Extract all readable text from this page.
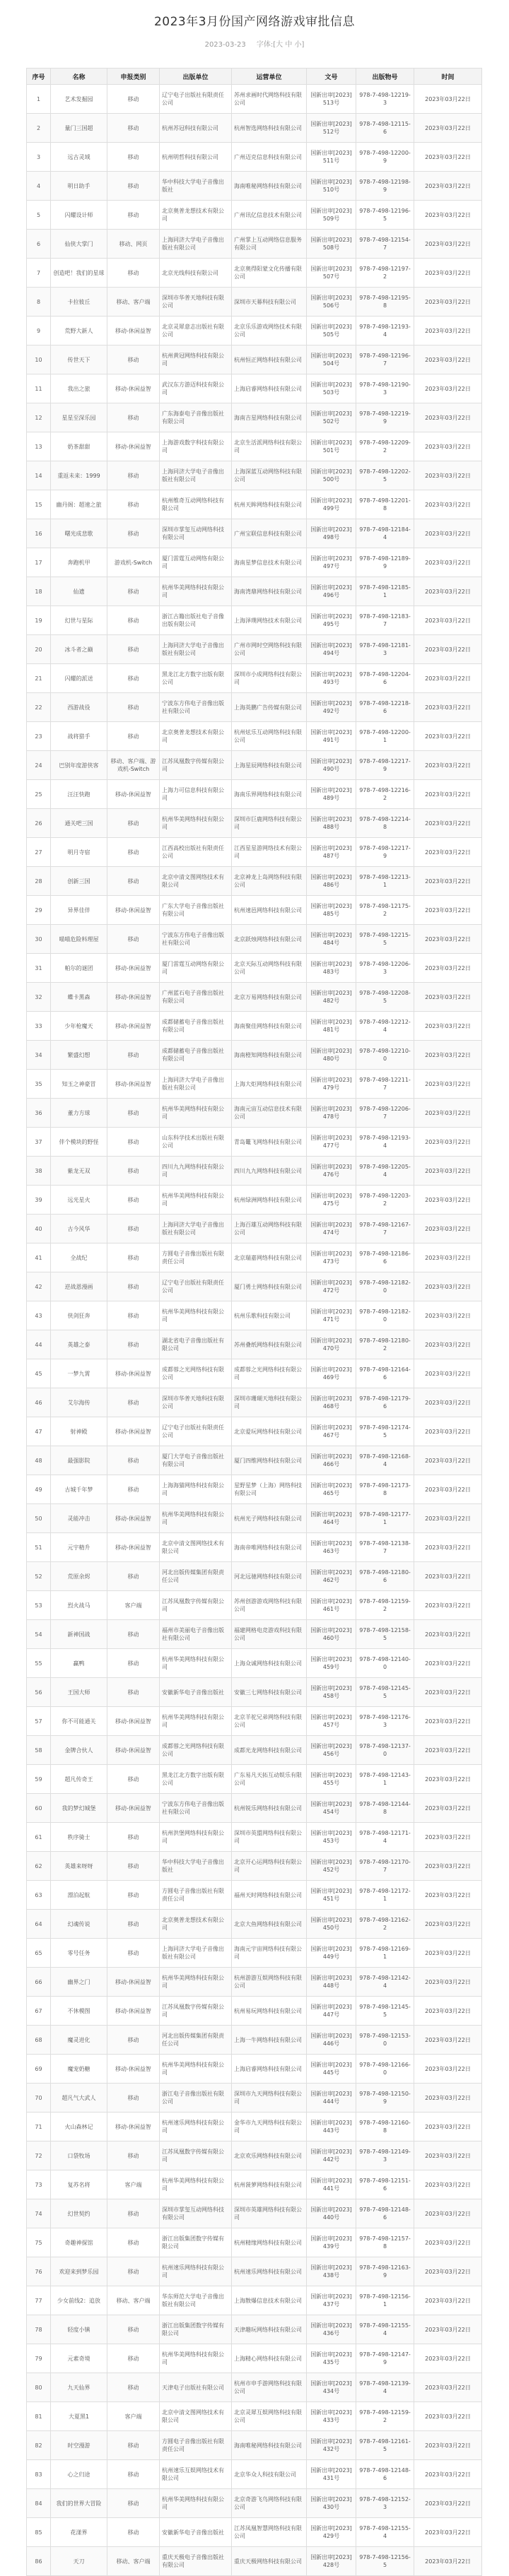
2023年3月份国产网络游戏审批信息
2023-03-23 字体:[大 中 小]
序号	名称	申报类别	出版单位	运营单位	文号	出版物号	时间
1	艺术发掘园	移动	辽宁电子出版社有限责任公司	苏州求画时代网络科技有限公司	国新出审[2023]513号	978-7-498-12219-3	2023年03月22日
2	量门三国超	移动	杭州苏冠科技有限公司	杭州智选网络科技有限公司	国新出审[2023]512号	978-7-498-12115-6	2023年03月22日
3	远古灵域	移动	杭州明哲科技有限公司	广州迈克信息科技有限公司	国新出审[2023]511号	978-7-498-12200-9	2023年03月22日
4	明日助手	移动	华中科技大学电子音像出版社	海南唯秘网络科技有限公司	国新出审[2023]510号	978-7-498-12198-9	2023年03月22日
5	闪耀设计师	移动	北京奥普龙想技术有限公司	广州讯亿信息技术有限公司	国新出审[2023]509号	978-7-498-12196-5	2023年03月22日
6	仙侠大掌门	移动、网页	上海同济大学电子音像出版社有限公司	广州掌上互动网络信息服务有限公司	国新出审[2023]508号	978-7-498-12154-7	2023年03月22日
7	创造吧！我们的星球	移动	北京光线科技有限公司	北京奥得阳蒙文化传播有限公司	国新出审[2023]507号	978-7-498-12197-2	2023年03月22日
8	卡拉彼丘	移动、客户端	深圳市华普天地科技有限公司	深圳市天幕科技有限公司	国新出审[2023]506号	978-7-498-12195-8	2023年03月22日
9	荒野大新人	移动-休闲益智	北京灵犀意志出版社有限公司	北京乐乐游戏网络技术有限公司	国新出审[2023]505号	978-7-498-12193-4	2023年03月22日
10	传世天下	移动	杭州黄冠网络科技有限公司	杭州恒正网络科技有限公司	国新出审[2023]504号	978-7-498-12196-7	2023年03月22日
11	我出之旅	移动-休闲益智	武汉东方游迈科技有限公司	上海启睿网络科技有限公司	国新出审[2023]503号	978-7-498-12190-3	2023年03月22日
12	星星至深乐园	移动	广东海泰电子音像出版社有限公司	海南吉星网络科技有限公司	国新出审[2023]502号	978-7-498-12219-9	2023年03月22日
13	奶茶甜甜	移动-休闲益智	上海游戏数字科技有限公司	北京生活派网络科技有限公司	国新出审[2023]501号	978-7-498-12209-2	2023年03月22日
14	重返未来：1999	移动	上海同济大学电子音像出版社有限公司	上海深蓝互动网络科技有限公司	国新出审[2023]500号	978-7-498-12202-5	2023年03月22日
15	幽丹阁：超速之旅	移动	杭州维奇互动网络科技有限公司	杭州天眸网络科技有限公司	国新出审[2023]499号	978-7-498-12201-8	2023年03月22日
16	曙光成悲歌	移动	深圳市掌玺互动网络科技有限公司	广州宝联信息科技有限公司	国新出审[2023]498号	978-7-498-12184-4	2023年03月22日
17	奔跑机甲	游戏机-Switch	厦门雷霆互动网络有限公司	海南星梦信息技术有限公司	国新出审[2023]497号	978-7-498-12189-9	2023年03月22日
18	仙遗	移动	杭州华美网络科技有限公司	海南湾鼎网络科技有限公司	国新出审[2023]496号	978-7-498-12185-1	2023年03月22日
19	幻世与星际	移动	浙江古籍出版社电子音像出版有限公司	上海泽璞网络技术有限公司	国新出审[2023]495号	978-7-498-12183-7	2023年03月22日
20	冰斗者之巅	移动	上海同济大学电子音像出版社有限公司	广州市网时空网络科技有限公司	国新出审[2023]494号	978-7-498-12181-3	2023年03月22日
21	闪耀的派送	移动	黑龙江北方数字出版有限公司	深圳市小成网络科技有限公司	国新出审[2023]493号	978-7-498-12204-6	2023年03月22日
22	西游战役	移动	宁波东方伟电子音像出版社有限公司	上海英鹏广告传媒有限公司	国新出审[2023]492号	978-7-498-12218-6	2023年03月22日
23	战将猎手	移动	北京奥普龙想技术有限公司	杭州炫乐互动网络科技有限公司	国新出审[2023]491号	978-7-498-12200-1	2023年03月22日
24	巴别年度游侠客	移动、客户端、游戏机-Switch	江苏凤凰数字传媒有限公司	上海星辰网络科技有限公司	国新出审[2023]490号	978-7-498-12217-9	2023年03月22日
25	汪汪快跑	移动-休闲益智	上海力可信息科技有限公司	海南乐界网络科技有限公司	国新出审[2023]489号	978-7-498-12216-2	2023年03月22日
26	通关吧三国	移动	杭州华美网络科技有限公司	深圳市巨鹿网络科技有限公司	国新出审[2023]488号	978-7-498-12214-8	2023年03月22日
27	明月寺宿	移动	江西高校出版社有限责任公司	江西星星游网络技术有限公司	国新出审[2023]487号	978-7-498-12217-9	2023年03月22日
28	创新三国	移动	北京中清文图网络技术有限公司	北京神龙上岛网络科技有限公司	国新出审[2023]486号	978-7-498-12213-1	2023年03月22日
29	异界佳伴	移动-休闲益智	广东大学电子音像出版社有限公司	杭州速邑网络科技有限公司	国新出审[2023]485号	978-7-498-12175-2	2023年03月22日
30	喵喵危险料理屋	移动	宁波东方伟电子音像出版社有限公司	北京跃烛网络科技有限公司	国新出审[2023]484号	978-7-498-12215-5	2023年03月22日
31	帕尔的谜团	移动-休闲益智	厦门雷霆互动网络有限公司	北京天际互动网络科技有限公司	国新出审[2023]483号	978-7-498-12206-3	2023年03月22日
32	蝶卡黑森	移动-休闲益智	广州蓝石电子音像出版社有限公司	北京万易网络科技有限公司	国新出审[2023]482号	978-7-498-12208-5	2023年03月22日
33	少年枪魔天	移动-休闲益智	成都储蓄电子音像出版社有限公司	海南聚佳网络科技有限公司	国新出审[2023]481号	978-7-498-12212-4	2023年03月22日
34	繁盛幻想	移动	成都储蓄电子音像出版社有限公司	海南橙知网络科技有限公司	国新出审[2023]480号	978-7-498-12210-0	2023年03月22日
35	知玉之神豪冒	移动-休闲益智	上海同济大学电子音像出版社有限公司	上海大炬网络科技有限公司	国新出审[2023]479号	978-7-498-12211-7	2023年03月22日
36	董力方球	移动	杭州华美网络科技有限公司	海南元宙互动信息技术有限公司	国新出审[2023]478号	978-7-498-12206-7	2023年03月22日
37	伴个模块的野怪	移动	山东科学技术出版社有限公司	青岛鼍飞网络科技有限公司	国新出审[2023]477号	978-7-498-12193-4	2023年03月22日
38	紫龙无双	移动	四川九九网络科技有限公司	四川九九网络科技有限公司	国新出审[2023]476号	978-7-498-12205-4	2023年03月22日
39	远光星火	移动	杭州华美网络科技有限公司	杭州绿洲网络科技有限公司	国新出审[2023]475号	978-7-498-12203-2	2023年03月22日
40	古今风华	移动	上海同济大学电子音像出版社有限公司	上海百雄互动网络科技有限公司	国新出审[2023]474号	978-7-498-12167-7	2023年03月22日
41	全战纪	移动	方圆电子音像出版社有限责任公司	北京瑞嘉网络科技有限公司	国新出审[2023]473号	978-7-498-12186-6	2023年03月22日
42	逆战恩漫画	移动	辽宁电子出版社有限责任公司	厦门勇士网络科技有限公司	国新出审[2023]472号	978-7-498-12182-0	2023年03月22日
43	侠剑狂奔	移动	杭州华美网络科技有限公司	杭州乐歌科技有限公司	国新出审[2023]471号	978-7-498-12182-0	2023年03月22日
44	英雄之泰	移动	湖北省电子音像出版社有限公司	苏州叠纸网络科技有限公司	国新出审[2023]470号	978-7-498-12180-2	2023年03月22日
45	一梦九霄	移动-休闲益智	成都蓉之光网络科技有限公司	成都蓉之光网络科技有限公司	国新出审[2023]469号	978-7-498-12164-6	2023年03月22日
46	艾尔海传	移动	深圳市华普天地科技有限公司	深圳市珊瑚天地科技有限公司	国新出审[2023]468号	978-7-498-12179-6	2023年03月22日
47	射神殿	移动-休闲益智	辽宁电子出版社有限责任公司	北京爱玩网络科技有限公司	国新出审[2023]467号	978-7-498-12174-5	2023年03月22日
48	最强影院	移动	厦门大学电子音像出版社有限公司	厦门四维网络科技有限公司	国新出审[2023]466号	978-7-498-12168-4	2023年03月22日
49	古城千年梦	移动	上海海猫网络科技有限公司	星野星梦（上海）网络科技有限公司	国新出审[2023]465号	978-7-498-12173-8	2023年03月22日
50	灵能冲击	移动-休闲益智	杭州华美网络科技有限公司	杭州光子网络科技有限公司	国新出审[2023]464号	978-7-498-12177-1	2023年03月22日
51	元宇精升	移动-休闲益智	北京中清文图网络技术有限公司	海南帝唯网络科技有限公司	国新出审[2023]463号	978-7-498-12138-7	2023年03月22日
52	荒原余烬	移动	河北出版传媒集团有限责任公司	河北远驰网络科技有限公司	国新出审[2023]462号	978-7-498-12180-6	2023年03月22日
53	烈火战马	客户端	江苏凤凰数字传媒有限公司	苏州创游游戏网络科技有限公司	国新出审[2023]461号	978-7-498-12159-2	2023年03月22日
54	新神国战	移动	福州市美丽电子音像出版社有限公司	福建网格电竞游戏科技有限公司	国新出审[2023]460号	978-7-498-12158-5	2023年03月22日
55	赢鸭	移动	杭州华美网络科技有限公司	上海众诚网络科技有限公司	国新出审[2023]459号	978-7-498-12140-0	2023年03月22日
56	王国大师	移动	安徽新华电子音像出版社	安徽三七网络科技有限公司	国新出审[2023]458号	978-7-498-12145-5	2023年03月22日
57	你不可能通关	移动-休闲益智	杭州华美网络科技有限公司	北京羊驼兄弟网络科技有限公司	国新出审[2023]457号	978-7-498-12176-3	2023年03月22日
58	金牌合伙人	移动-休闲益智	成都蓉之光网络科技有限公司	成都光龙网络科技有限公司	国新出审[2023]456号	978-7-498-12137-0	2023年03月22日
59	超凡传奇王	移动	黑龙江北方数字出版有限公司	广东易凡天拓互动娱乐有限公司	国新出审[2023]455号	978-7-498-12143-1	2023年03月22日
60	我的梦幻城堡	移动-休闲益智	宁波东方伟电子音像出版社有限公司	杭州锐乐网络科技有限公司	国新出审[2023]454号	978-7-498-12144-8	2023年03月22日
61	秩序骑士	移动	杭州洪堡网络科技有限公司	深圳市英盟网络科技有限公司	国新出审[2023]453号	978-7-498-12171-4	2023年03月22日
62	英雄来呀呀	移动	华中科技大学电子音像出版社	北京开心运网络科技有限公司	国新出审[2023]452号	978-7-498-12170-7	2023年03月22日
63	漂泊起航	移动	方圆电子音像出版社有限责任公司	福州天时网络科技有限公司	国新出审[2023]451号	978-7-498-12172-1	2023年03月22日
64	幻魂传说	移动	北京奥普龙想技术有限公司	北京大鱼网络科技有限公司	国新出审[2023]450号	978-7-498-12162-2	2023年03月22日
65	零号任务	移动	上海同济大学电子音像出版社有限公司	海南元宇宙网络科技有限公司	国新出审[2023]449号	978-7-498-12169-1	2023年03月22日
66	幽界之门	移动-休闲益智	杭州华美网络科技有限公司	杭州游游互娱网络科技有限公司	国新出审[2023]448号	978-7-498-12142-4	2023年03月22日
67	不休模图	移动-休闲益智	江苏凤凰数字传媒有限公司	杭州易玩网络科技有限公司	国新出审[2023]447号	978-7-498-12145-5	2023年03月22日
68	魔灵进化	移动	河北出版传媒集团有限责任公司	上海一牛网络科技有限公司	国新出审[2023]446号	978-7-498-12153-0	2023年03月22日
69	魔宠奶糖	移动-休闲益智	杭州华美网络科技有限公司	上海启睿网络科技有限公司	国新出审[2023]445号	978-7-498-12166-0	2023年03月22日
70	超凡气大武人	移动	浙江电子音像出版社有限公司	深圳市九天网络科技有限公司	国新出审[2023]444号	978-7-498-12150-9	2023年03月22日
71	火山森林记	移动-休闲益智	杭州速乐网络科技有限公司	金华市九天网络科技有限公司	国新出审[2023]443号	978-7-498-12160-8	2023年03月22日
72	口袋牧场	移动	江苏凤凰数字传媒有限公司	北京欢乐网络科技有限公司	国新出审[2023]442号	978-7-498-12149-3	2023年03月22日
73	复苏名将	客户端	杭州华美网络科技有限公司	杭州菠萝网络科技有限公司	国新出审[2023]441号	978-7-498-12151-6	2023年03月22日
74	幻世契约	移动	深圳市掌玺互动网络科技有限公司	深圳市英雄网络科技有限公司	国新出审[2023]440号	978-7-498-12148-6	2023年03月22日
75	奇趣神探馆	移动	浙江出版集团数字传媒有限公司	杭州精缘网络科技有限公司	国新出审[2023]439号	978-7-498-12157-8	2023年03月22日
76	欢迎来到梦乐园	移动	杭州速乐网络科技有限公司	杭州速乐网络科技有限公司	国新出审[2023]438号	978-7-498-12163-9	2023年03月22日
77	少女前线2：追放	移动、客户端	华东师范大学电子音像出版社有限公司	上海散爆信息技术有限公司	国新出审[2023]437号	978-7-498-12156-1	2023年03月22日
78	轻度小镇	移动	浙江出版集团数字传媒有限公司	天津趣玩网络科技有限公司	国新出审[2023]436号	978-7-498-12155-4	2023年03月22日
79	元素奇境	移动	杭州华美网络科技有限公司	上海精心网络科技有限公司	国新出审[2023]435号	978-7-498-12147-9	2023年03月22日
80	九天仙界	移动	天津电子出版社有限公司	杭州市申手游网络科技有限公司	国新出审[2023]434号	978-7-498-12139-4	2023年03月22日
81	大夏黑1	客户端	北京中清文图网络技术有限公司	北京灵犀互娱网络科技有限公司	国新出审[2023]433号	978-7-498-12159-2	2023年03月22日
82	时空漫游	移动	方圆电子音像出版社有限责任公司	海南唯秘网络科技有限公司	国新出审[2023]432号	978-7-498-12161-5	2023年03月22日
83	心之归途	移动	杭州速乐互娱网络技术有限公司	北京华众人科技有限公司	国新出审[2023]431号	978-7-498-12148-6	2023年03月22日
84	我们的世界大冒险	移动	杭州华美网络科技有限公司	北京奇游飞鸟网络科技有限公司	国新出审[2023]430号	978-7-498-12152-3	2023年03月22日
85	花漾界	移动	安徽新华电子音像出版社	江苏凤凰智慧网络科技有限公司	国新出审[2023]429号	978-7-498-12155-4	2023年03月22日
86	天刀	移动、客户端	重庆天极电子音像出版社有限公司	重庆天极网络科技有限公司	国新出审[2023]428号	978-7-498-12156-5	2023年03月22日
